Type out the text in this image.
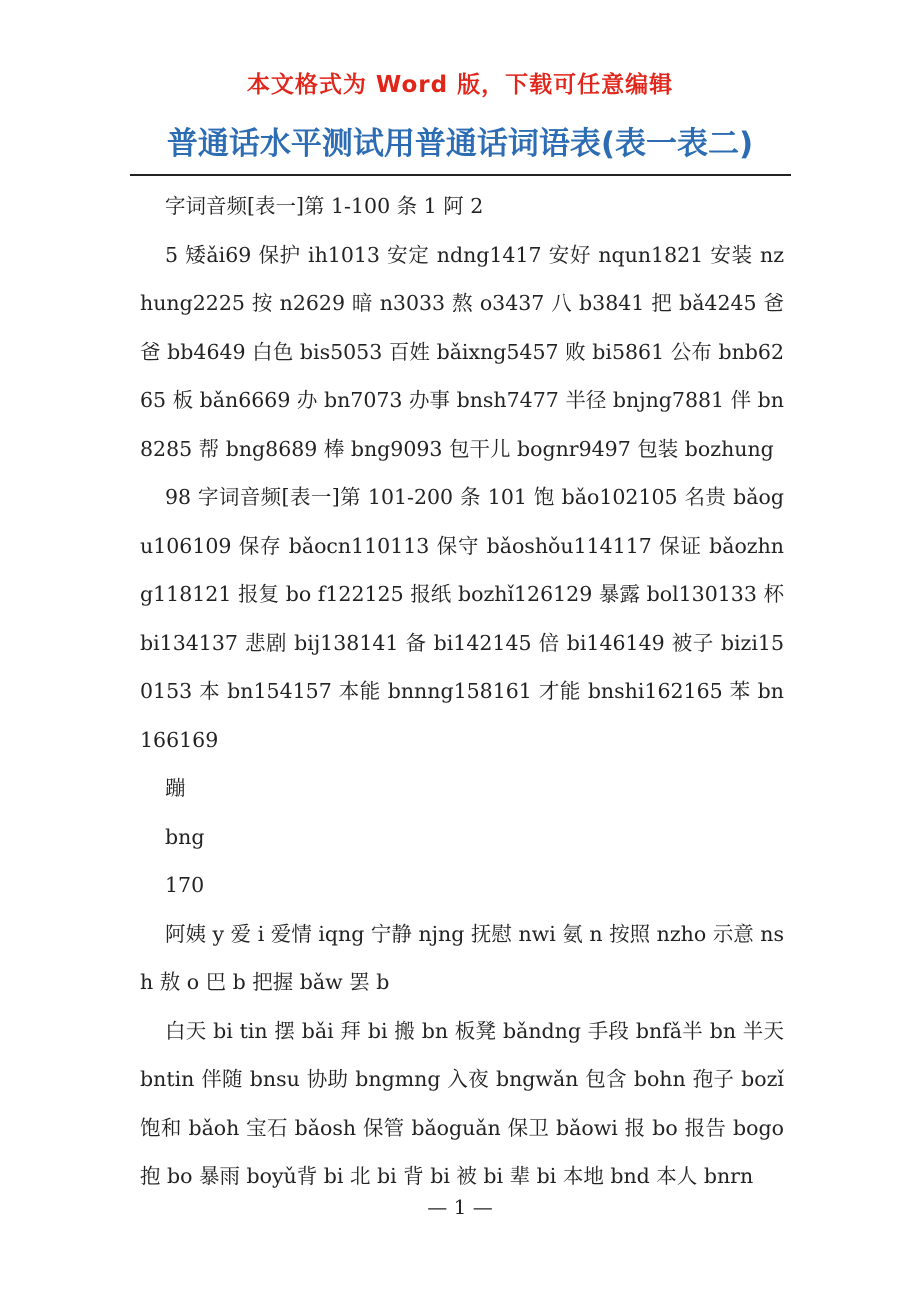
本文格式为 Word 版，下载可任意编辑
普通话水平测试用普通话词语表(表一表二)

字词音频[表一]第 1-100 条 1 阿 2

5 矮ǎi69 保护 ih1013 安定 ndng1417 安好 nqun1821 安装 nzhung2225 按 n2629 暗 n3033 熬 o3437 八 b3841 把 bǎ4245 爸爸 bb4649 白色 bis5053 百姓 bǎixng5457 败 bi5861 公布 bnb6265 板 bǎn6669 办 bn7073 办事 bnsh7477 半径 bnjng7881 伴 bn8285 帮 bng8689 棒 bng9093 包干儿 bognr9497 包装 bozhung

98 字词音频[表一]第 101-200 条 101 饱 bǎo102105 名贵 bǎogu106109 保存 bǎocn110113 保守 bǎoshǒu114117 保证 bǎozhng118121 报复 bo f122125 报纸 bozhǐ126129 暴露 bol130133 杯 bi134137 悲剧 bij138141 备 bi142145 倍 bi146149 被子 bizi150153 本 bn154157 本能 bnnng158161 才能 bnshi162165 苯 bn166169

蹦

bng

170

阿姨 y 爱 i 爱情 iqng 宁静 njng 抚慰 nwi 氨 n 按照 nzho 示意 nsh 敖 o 巴 b 把握 bǎw 罢 b

白天 bi tin 摆 bǎi 拜 bi 搬 bn 板凳 bǎndng 手段 bnfǎ半 bn 半天 bntin 伴随 bnsu 协助 bngmng 入夜 bngwǎn 包含 bohn 孢子 bozǐ饱和 bǎoh 宝石 bǎosh 保管 bǎoguǎn 保卫 bǎowi 报 bo 报告 bogo 抱 bo 暴雨 boyǔ背 bi 北 bi 背 bi 被 bi 辈 bi 本地 bnd 本人 bnrn

— 1 —
